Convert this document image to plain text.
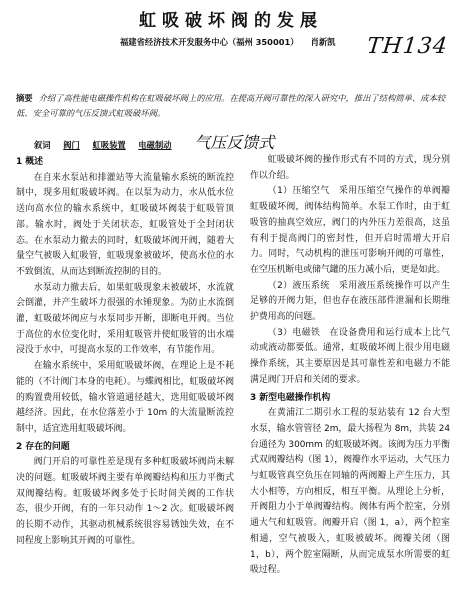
虹吸破坏阀的发展
福建省经济技术开发服务中心（福州 350001） 肖新凯 TH134
摘要 介绍了高性能电磁操作机构在虹吸破坏阀上的应用。在提高开阀可靠性的深入研究中，推出了结构简单、成本较低、安全可靠的气压反馈式虹吸破坏阀。
叙词 阀门 虹吸装置 电磁制动 气压反馈式

1 概述

在自来水泵站和排灌站等大流量输水系统的断流控制中，现多用虹吸破坏阀。在以泵为动力，水从低水位送向高水位的输水系统中，虹吸破坏阀装于虹吸管顶部。输水时，阀处于关闭状态，虹吸管处于全封闭状态。在水泵动力撤去的同时，虹吸破坏阀开阀，随着大量空气被吸入虹吸管，虹吸现象被破坏，使高水位的水不致倒流，从而达到断流控制的目的。

水泵动力撤去后，如果虹吸现象未被破坏，水流就会倒灌，并产生破坏力很强的水锤现象。为防止水流倒灌，虹吸破坏阀应与水泵同步开断，即断电开阀。当位于高位的水位变化时，采用虹吸管并使虹吸管的出水端浸没于水中，可提高水泵的工作效率，有节能作用。

在输水系统中，采用虹吸破坏阀，在理论上是不耗能的（不计阀门本身的电耗）。与蝶阀相比，虹吸破坏阀的购置费用较低，输水管道通径越大，选用虹吸破坏阀越经济。因此，在水位落差小于 10m 的大流量断流控制中，适宜选用虹吸破坏阀。

2 存在的问题

阀门开启的可靠性差是现有多种虹吸破坏阀尚未解决的问题。虹吸破坏阀主要有单阀瓣结构和压力平衡式双阀瓣结构。虹吸破坏阀多处于长时间关阀的工作状态，很少开阀，有的一年只动作 1～2 次。虹吸破坏阀的长期不动作，其驱动机械系统很容易锈蚀失效，在不同程度上影响其开阀的可靠性。

虹吸破坏阀的操作形式有不同的方式，现分别作以介绍。

（1）压缩空气　采用压缩空气操作的单阀瓣虹吸破坏阀，阀体结构简单。水泵工作时，由于虹吸管的抽真空效应，阀门的内外压力差很高，这虽有利于提高阀门的密封性，但开启时需增大开启力。同时，气动机构的泄压可影响开阀的可靠性，在空压机断电或储气罐的压力减小后，更是如此。

（2）液压系统　采用液压系统操作可以产生足够的开阀力矩，但也存在液压部件泄漏和长期维护费用高的问题。

（3）电磁铁　在设备费用和运行成本上比气动或液动都要低。通常，虹吸破坏阀上很少用电磁操作系统，其主要原因是其可靠性差和电磁力不能满足阀门开启和关闭的要求。

3 新型电磁操作机构

在黄浦江二期引水工程的泵站装有 12 台大型水泵，输水管管径 2m，最大扬程为 8m，共装 24 台通径为 300mm 的虹吸破坏阀。该阀为压力平衡式双阀瓣结构（图 1），阀瓣作水平运动，大气压力与虹吸管真空负压在同轴的两阀瓣上产生压力，其大小相等，方向相反，相互平衡。从理论上分析，开阀阻力小于单阀瓣结构。阀体有两个腔室，分别通大气和虹吸管。阀瓣开启（图 1，a），两个腔室相通，空气被吸入，虹吸被破坏。阀瓣关闭（图 1，b），两个腔室隔断，从而完成泵水所需要的虹吸过程。
